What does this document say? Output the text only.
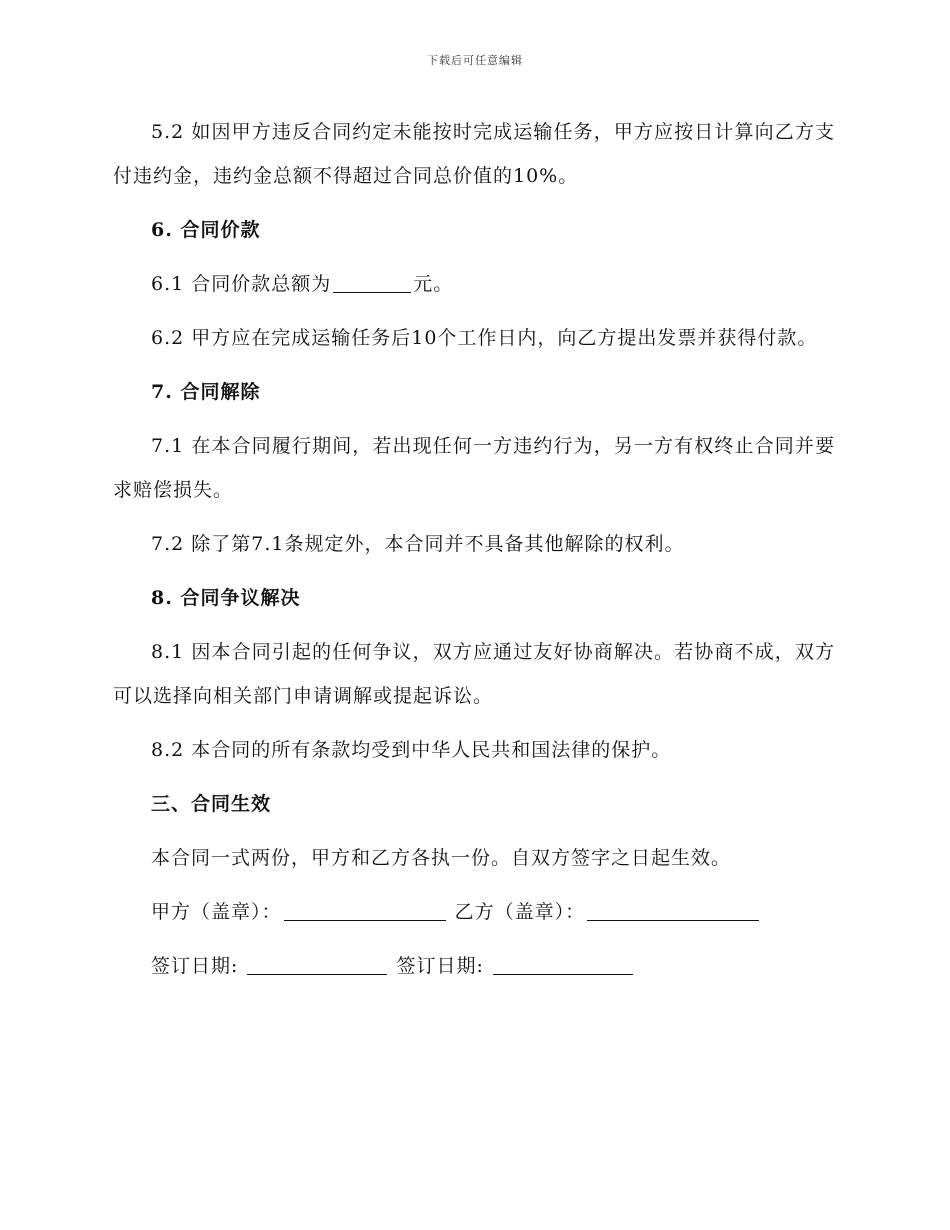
下载后可任意编辑

5.2 如因甲方违反合同约定未能按时完成运输任务，甲方应按日计算向乙方支付违约金，违约金总额不得超过合同总价值的10%。

6. 合同价款

6.1 合同价款总额为	元。

6.2 甲方应在完成运输任务后10个工作日内，向乙方提出发票并获得付款。

7. 合同解除

7.1 在本合同履行期间，若出现任何一方违约行为，另一方有权终止合同并要求赔偿损失。

7.2 除了第7.1条规定外，本合同并不具备其他解除的权利。

8. 合同争议解决

8.1 因本合同引起的任何争议，双方应通过友好协商解决。若协商不成，双方可以选择向相关部门申请调解或提起诉讼。

8.2 本合同的所有条款均受到中华人民共和国法律的保护。

三、合同生效

本合同一式两份，甲方和乙方各执一份。自双方签字之日起生效。

甲方（盖章）：	乙方（盖章）：

签订日期:	签订日期:
